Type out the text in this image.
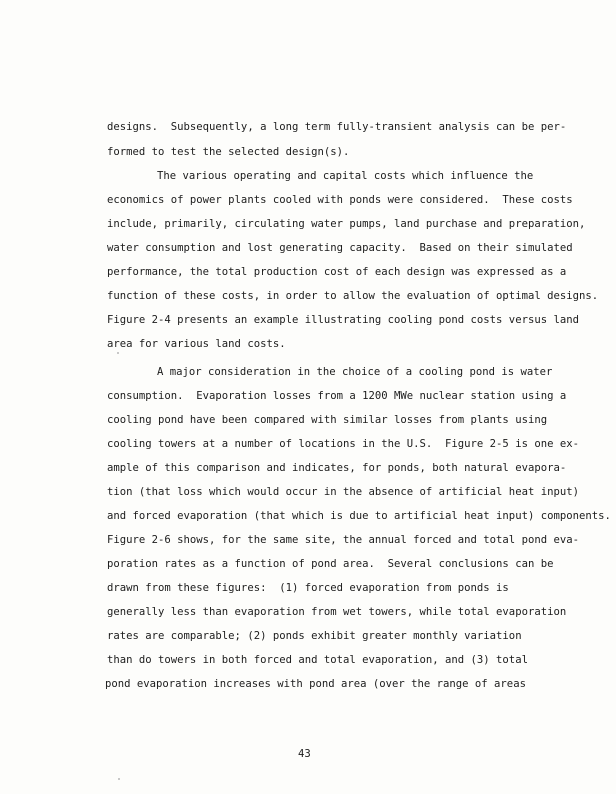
designs.  Subsequently, a long term fully-transient analysis can be per-
formed to test the selected design(s).
The various operating and capital costs which influence the
economics of power plants cooled with ponds were considered.  These costs
include, primarily, circulating water pumps, land purchase and preparation,
water consumption and lost generating capacity.  Based on their simulated
performance, the total production cost of each design was expressed as a
function of these costs, in order to allow the evaluation of optimal designs.
Figure 2-4 presents an example illustrating cooling pond costs versus land
area for various land costs.
A major consideration in the choice of a cooling pond is water
consumption.  Evaporation losses from a 1200 MWe nuclear station using a
cooling pond have been compared with similar losses from plants using
cooling towers at a number of locations in the U.S.  Figure 2-5 is one ex-
ample of this comparison and indicates, for ponds, both natural evapora-
tion (that loss which would occur in the absence of artificial heat input)
and forced evaporation (that which is due to artificial heat input) components.
Figure 2-6 shows, for the same site, the annual forced and total pond eva-
poration rates as a function of pond area.  Several conclusions can be
drawn from these figures:  (1) forced evaporation from ponds is
generally less than evaporation from wet towers, while total evaporation
rates are comparable; (2) ponds exhibit greater monthly variation
than do towers in both forced and total evaporation, and (3) total
pond evaporation increases with pond area (over the range of areas
43
